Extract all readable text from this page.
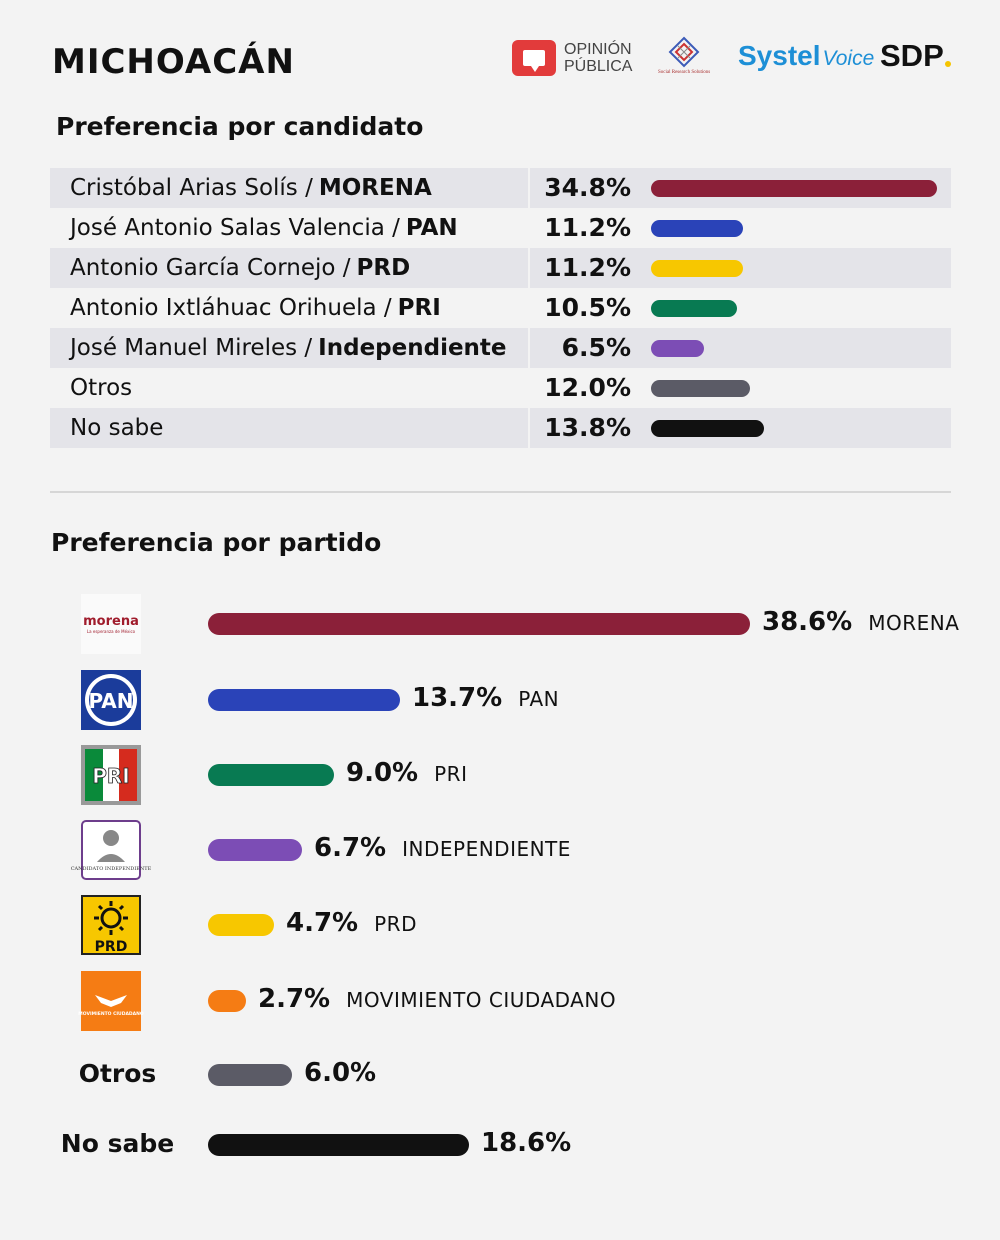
MICHOACÁN	OPINIÓN
PÚBLICA	Social Research Solutions
Systel Voice SDP
Preferencia por candidato
Cristóbal Arias Solís / MORENA	34.8%
José Antonio Salas Valencia / PAN	11.2%
Antonio García Cornejo / PRD	11.2%
Antonio Ixtláhuac Orihuela / PRI	10.5%
José Manuel Mireles / Independiente 6.5%
Otros	12.0%
No sabe	13.8%
Preferencia por partido
morena
La esperanza de México	38.6% MORENA
PAN	13.7% PAN
PRI	9.0% PRI
CANDIDATO INDEPENDIENTE
6.7% INDEPENDIENTE
PRD
4.7% PRD
MOVIMIENTO CIUDADANO
2.7% MOVIMIENTO CIUDADANO
Otros	6.0%
No sabe	18.6%
